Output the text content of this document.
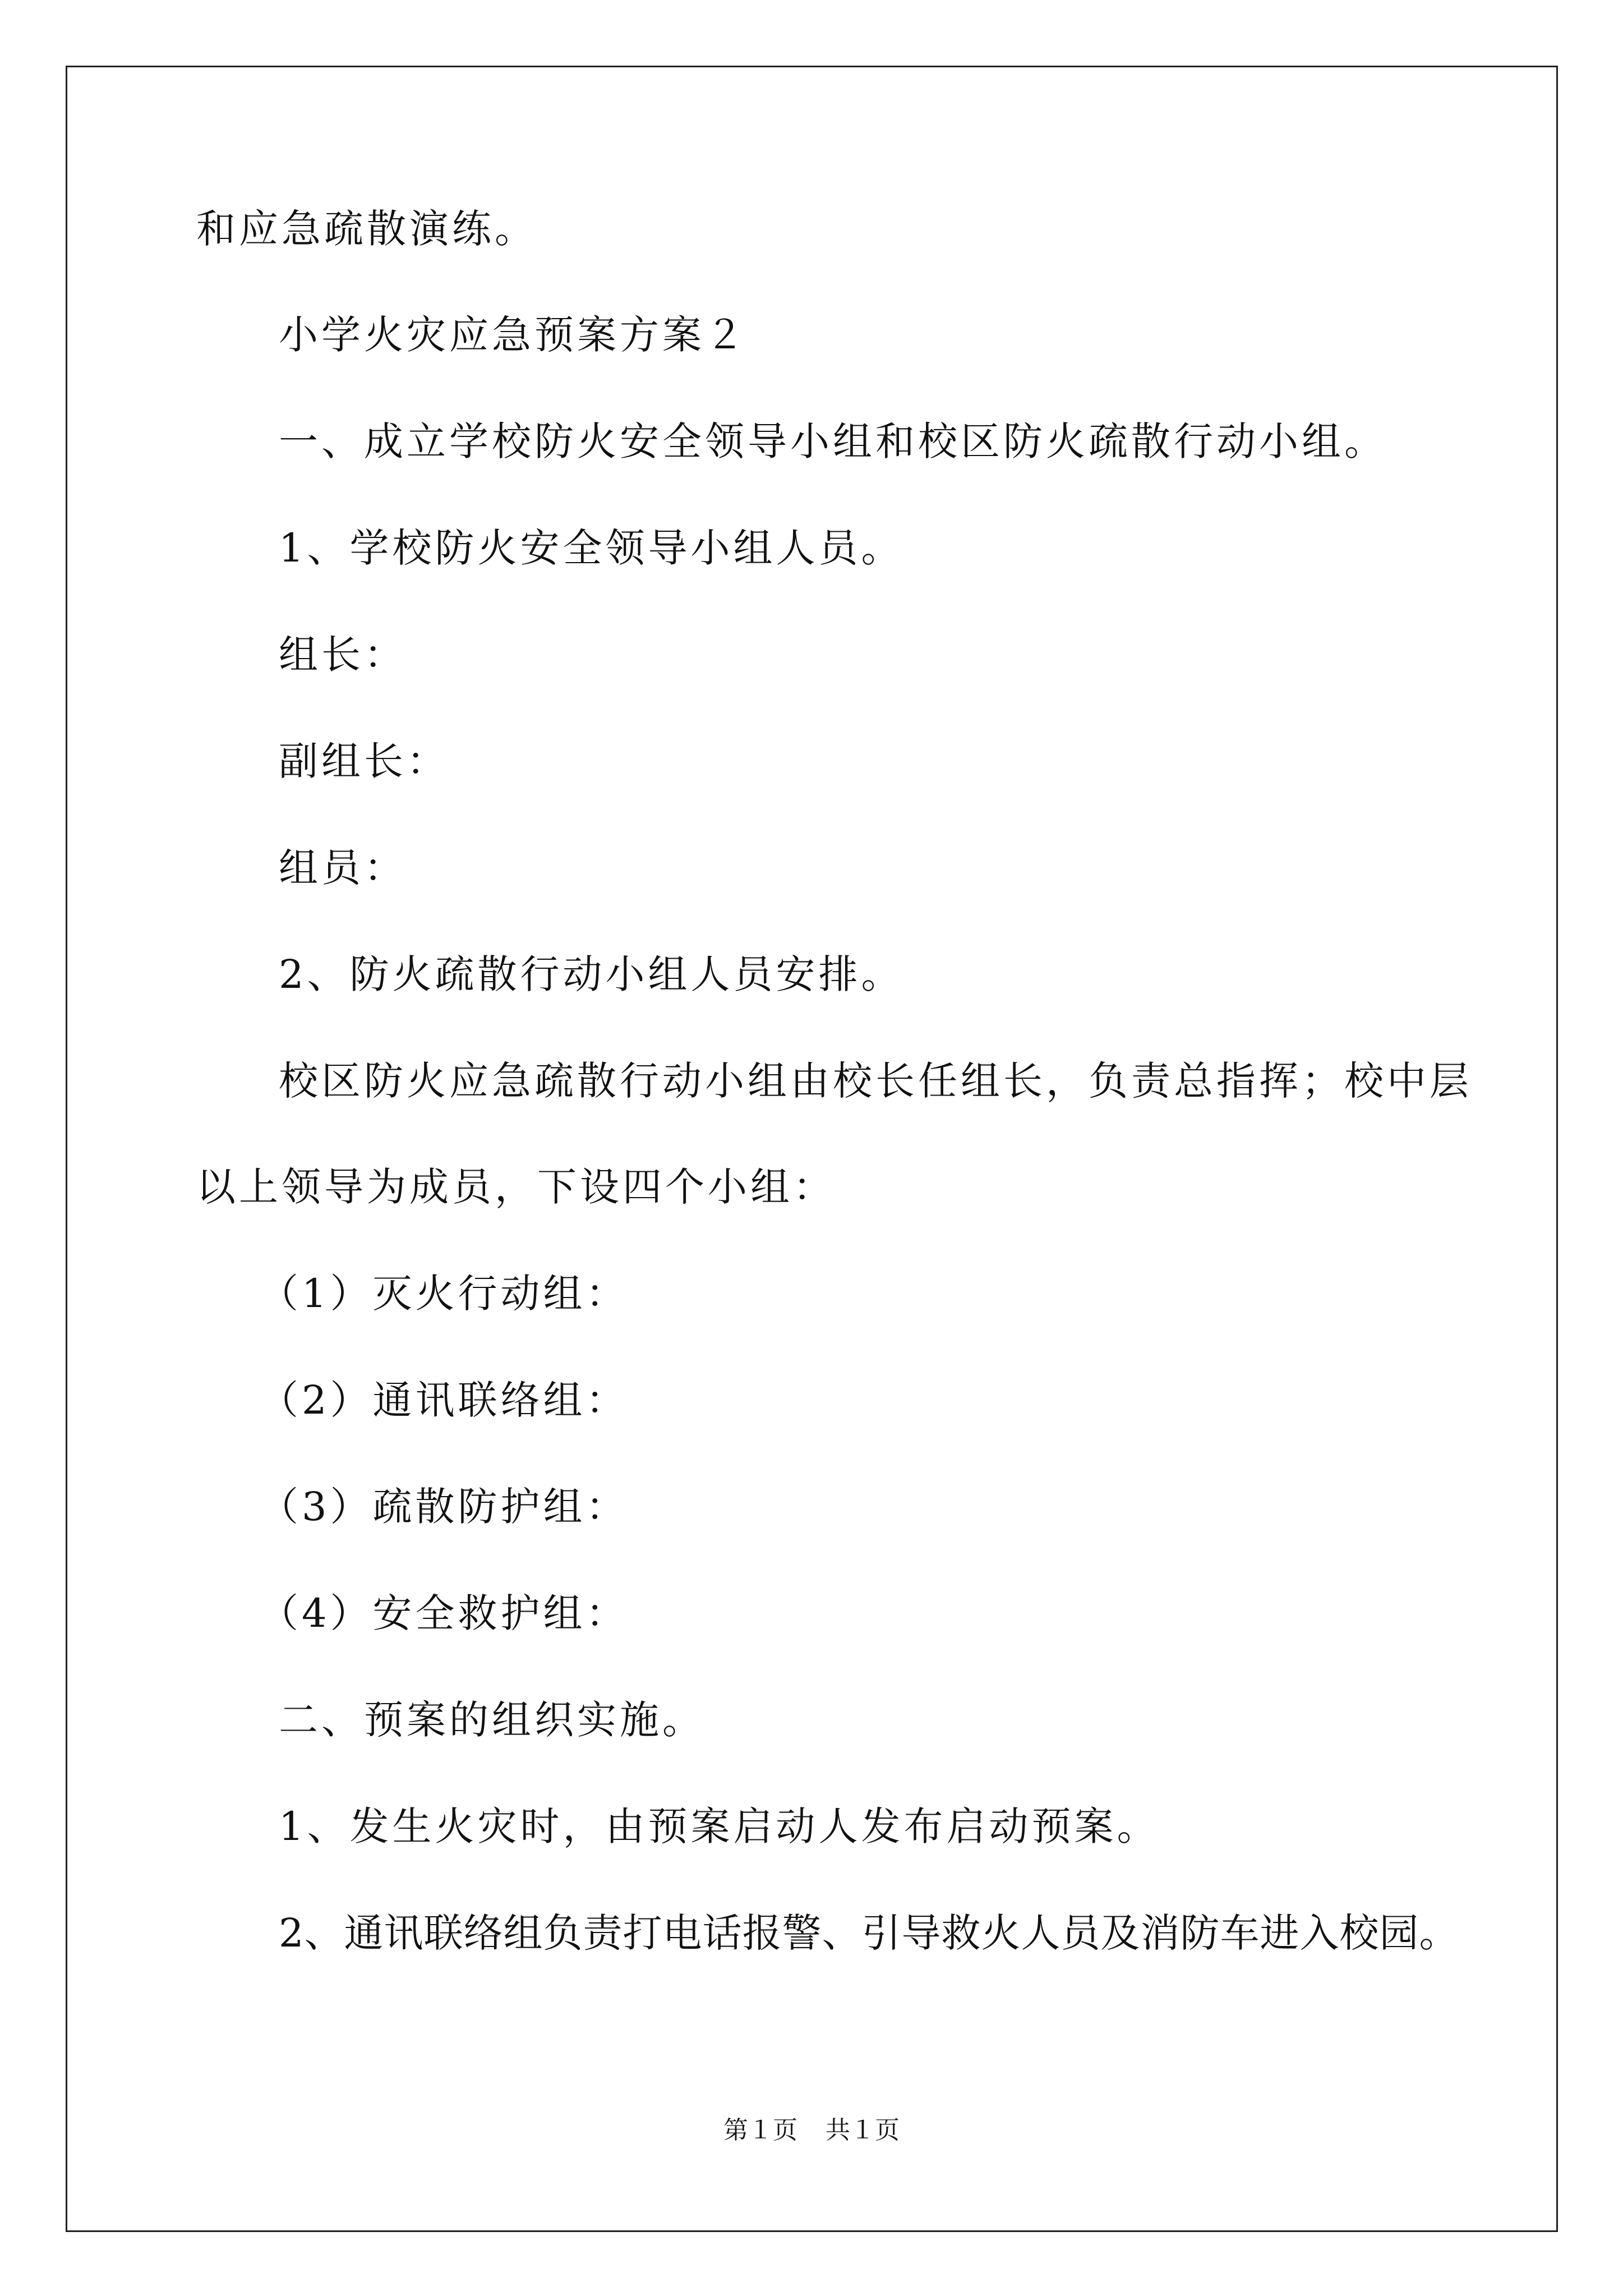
和应急疏散演练。
小学火灾应急预案方案２
一、成立学校防火安全领导小组和校区防火疏散行动小组。
1、学校防火安全领导小组人员。
组长：
副组长：
组员：
2、防火疏散行动小组人员安排。
校区防火应急疏散行动小组由校长任组长，负责总指挥；校中层
以上领导为成员，下设四个小组：
（1）灭火行动组：
（2）通讯联络组：
（3）疏散防护组：
（4）安全救护组：
二、预案的组织实施。
1、发生火灾时，由预案启动人发布启动预案。
2、通讯联络组负责打电话报警、引导救火人员及消防车进入校园。
第１页 共１页
